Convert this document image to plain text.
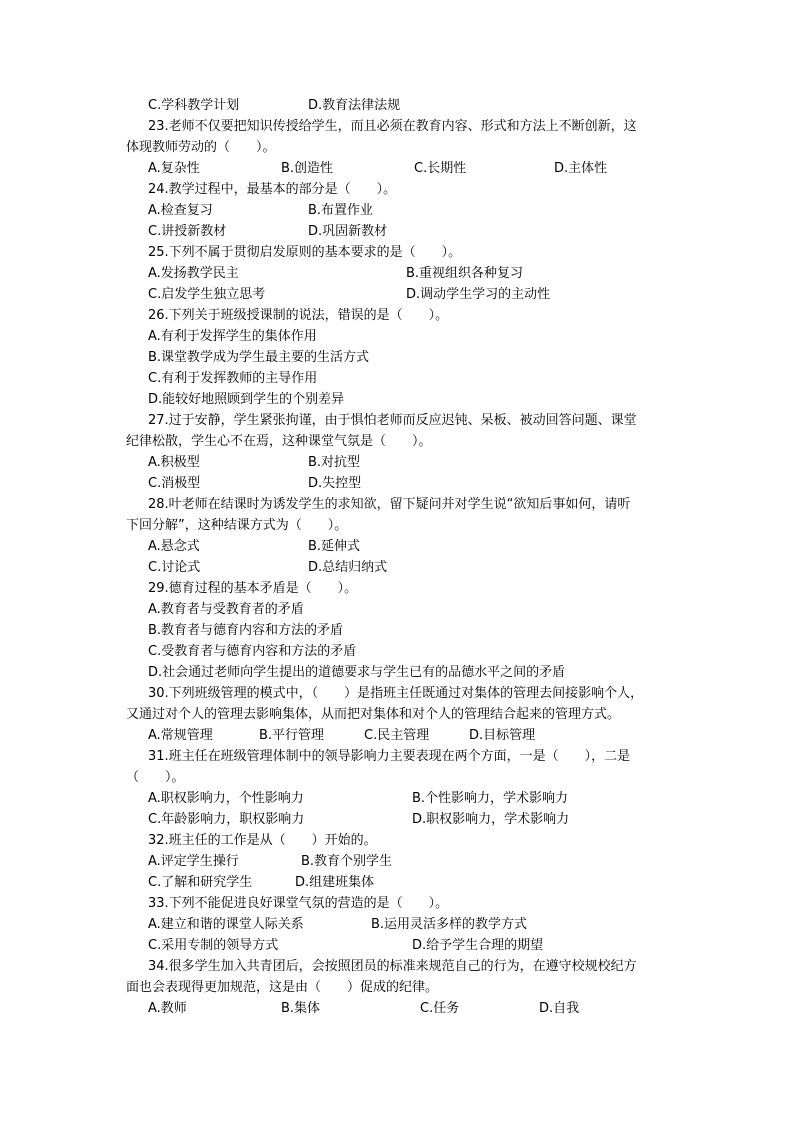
C.学科教学计划	D.教育法律法规
23.老师不仅要把知识传授给学生，而且必须在教育内容、形式和方法上不断创新，这
体现教师劳动的（　　）。
A.复杂性	B.创造性	C.长期性	D.主体性
24.教学过程中，最基本的部分是（　　）。
A.检查复习	B.布置作业
C.讲授新教材	D.巩固新教材
25.下列不属于贯彻启发原则的基本要求的是（　　）。
A.发扬教学民主	B.重视组织各种复习
C.启发学生独立思考	D.调动学生学习的主动性
26.下列关于班级授课制的说法，错误的是（　　）。
A.有利于发挥学生的集体作用
B.课堂教学成为学生最主要的生活方式
C.有利于发挥教师的主导作用
D.能较好地照顾到学生的个别差异
27.过于安静，学生紧张拘谨，由于惧怕老师而反应迟钝、呆板、被动回答问题、课堂
纪律松散，学生心不在焉，这种课堂气氛是（　　）。
A.积极型	B.对抗型
C.消极型	D.失控型
28.叶老师在结课时为诱发学生的求知欲，留下疑问并对学生说“欲知后事如何，请听
下回分解”，这种结课方式为（　　）。
A.悬念式	B.延伸式
C.讨论式	D.总结归纳式
29.德育过程的基本矛盾是（　　）。
A.教育者与受教育者的矛盾
B.教育者与德育内容和方法的矛盾
C.受教育者与德育内容和方法的矛盾
D.社会通过老师向学生提出的道德要求与学生已有的品德水平之间的矛盾
30.下列班级管理的模式中，（　　）是指班主任既通过对集体的管理去间接影响个人，
又通过对个人的管理去影响集体，从而把对集体和对个人的管理结合起来的管理方式。
A.常规管理	B.平行管理	C.民主管理	D.目标管理
31.班主任在班级管理体制中的领导影响力主要表现在两个方面，一是（　　），二是
（　　）。
A.职权影响力，个性影响力	B.个性影响力，学术影响力
C.年龄影响力，职权影响力	D.职权影响力，学术影响力
32.班主任的工作是从（　　）开始的。
A.评定学生操行	B.教育个别学生
C.了解和研究学生	D.组建班集体
33.下列不能促进良好课堂气氛的营造的是（　　）。
A.建立和谐的课堂人际关系	B.运用灵活多样的教学方式
C.采用专制的领导方式	D.给予学生合理的期望
34.很多学生加入共青团后，会按照团员的标准来规范自己的行为，在遵守校规校纪方
面也会表现得更加规范，这是由（　　）促成的纪律。
A.教师	B.集体	C.任务	D.自我
